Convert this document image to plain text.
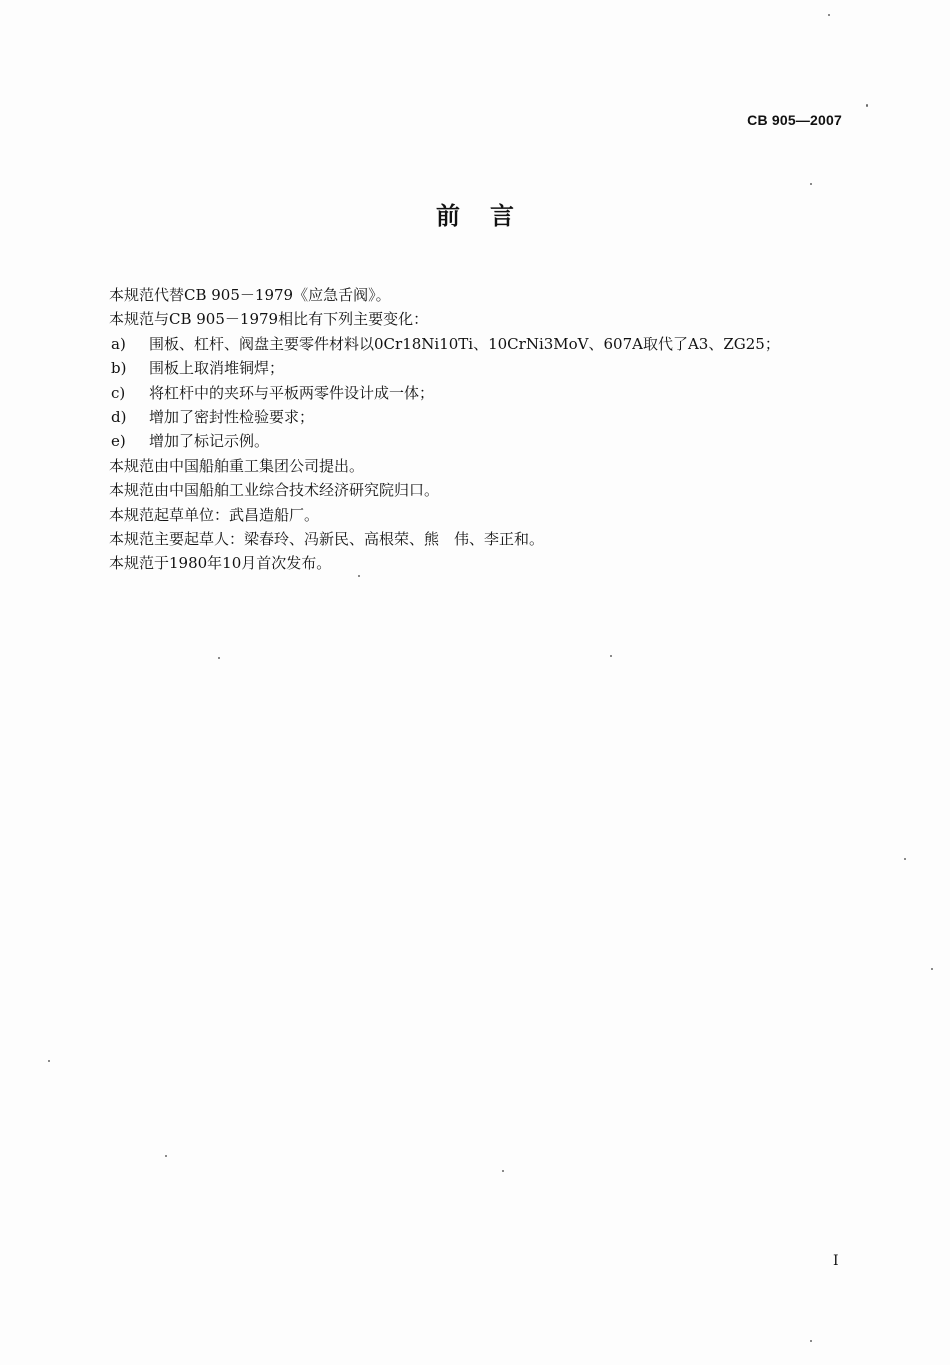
CB 905—2007
前言
本规范代替CB 905－1979《应急舌阀》。
本规范与CB 905－1979相比有下列主要变化：
a)	围板、杠杆、阀盘主要零件材料以0Cr18Ni10Ti、10CrNi3MoV、607A取代了A3、ZG25；
b)	围板上取消堆铜焊；
c)	将杠杆中的夹环与平板两零件设计成一体；
d)	增加了密封性检验要求；
e)	增加了标记示例。
本规范由中国船舶重工集团公司提出。
本规范由中国船舶工业综合技术经济研究院归口。
本规范起草单位：武昌造船厂。
本规范主要起草人：梁春玲、冯新民、高根荣、熊　伟、李正和。
本规范于1980年10月首次发布。
I
